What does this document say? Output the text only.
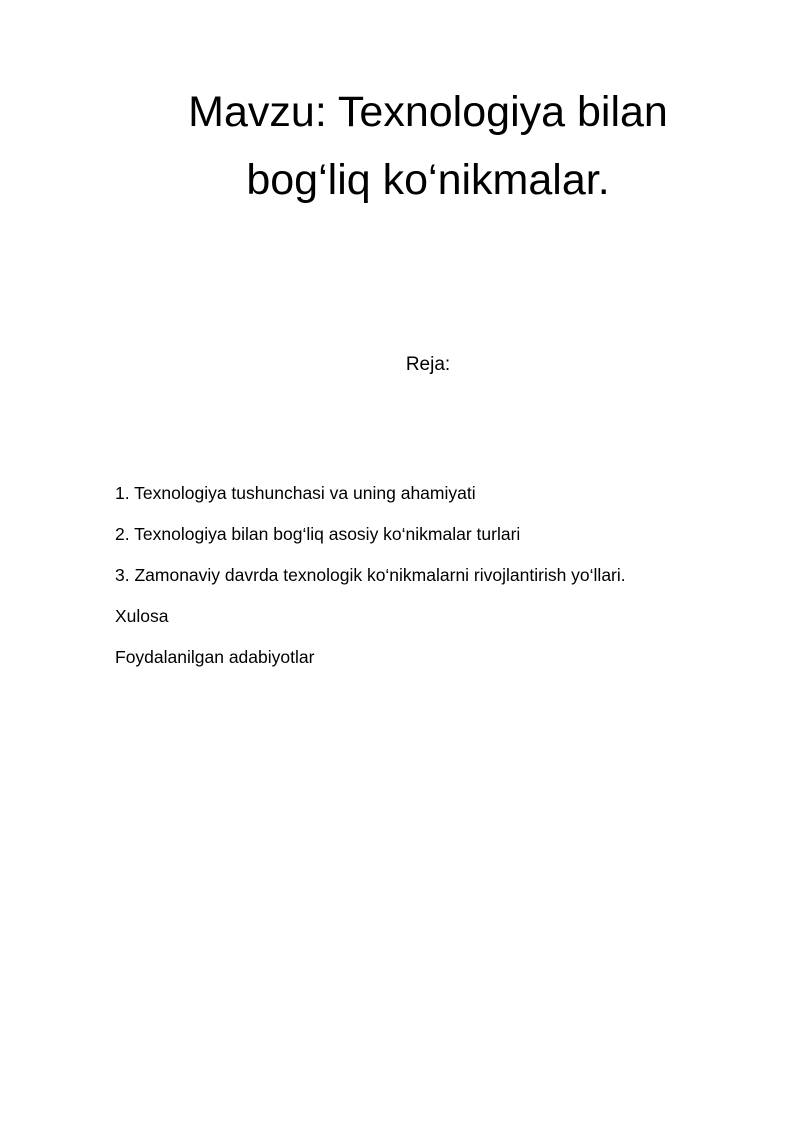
Mavzu: Texnologiya bilan
bog‘liq ko‘nikmalar.

Reja:

1. Texnologiya tushunchasi va uning ahamiyati
2. Texnologiya bilan bog‘liq asosiy ko‘nikmalar turlari
3. Zamonaviy davrda texnologik ko‘nikmalarni rivojlantirish yo‘llari.
Xulosa
Foydalanilgan adabiyotlar
